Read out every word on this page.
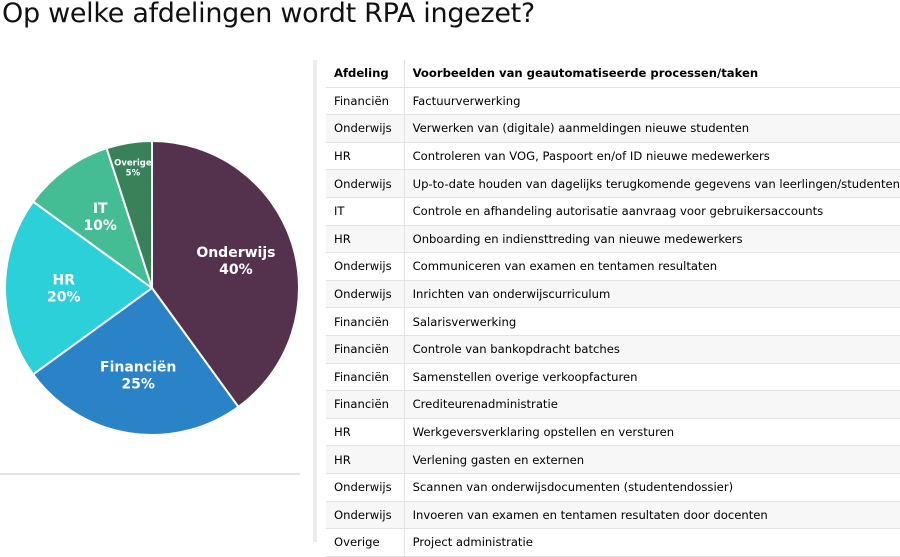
Op welke afdelingen wordt RPA ingezet?
Onderwijs
40%
Financiën
25%
HR
20%
IT
10%
Overige
5%
Afdeling	Voorbeelden van geautomatiseerde processen/taken
Financiën	Factuurverwerking
Onderwijs	Verwerken van (digitale) aanmeldingen nieuwe studenten
HR	Controleren van VOG, Paspoort en/of ID nieuwe medewerkers
Onderwijs	Up-to-date houden van dagelijks terugkomende gegevens van leerlingen/studenten
IT	Controle en afhandeling autorisatie aanvraag voor gebruikersaccounts
HR	Onboarding en indiensttreding van nieuwe medewerkers
Onderwijs	Communiceren van examen en tentamen resultaten
Onderwijs	Inrichten van onderwijscurriculum
Financiën	Salarisverwerking
Financiën	Controle van bankopdracht batches
Financiën	Samenstellen overige verkoopfacturen
Financiën	Crediteurenadministratie
HR	Werkgeversverklaring opstellen en versturen
HR	Verlening gasten en externen
Onderwijs	Scannen van onderwijsdocumenten (studentendossier)
Onderwijs	Invoeren van examen en tentamen resultaten door docenten
Overige	Project administratie
